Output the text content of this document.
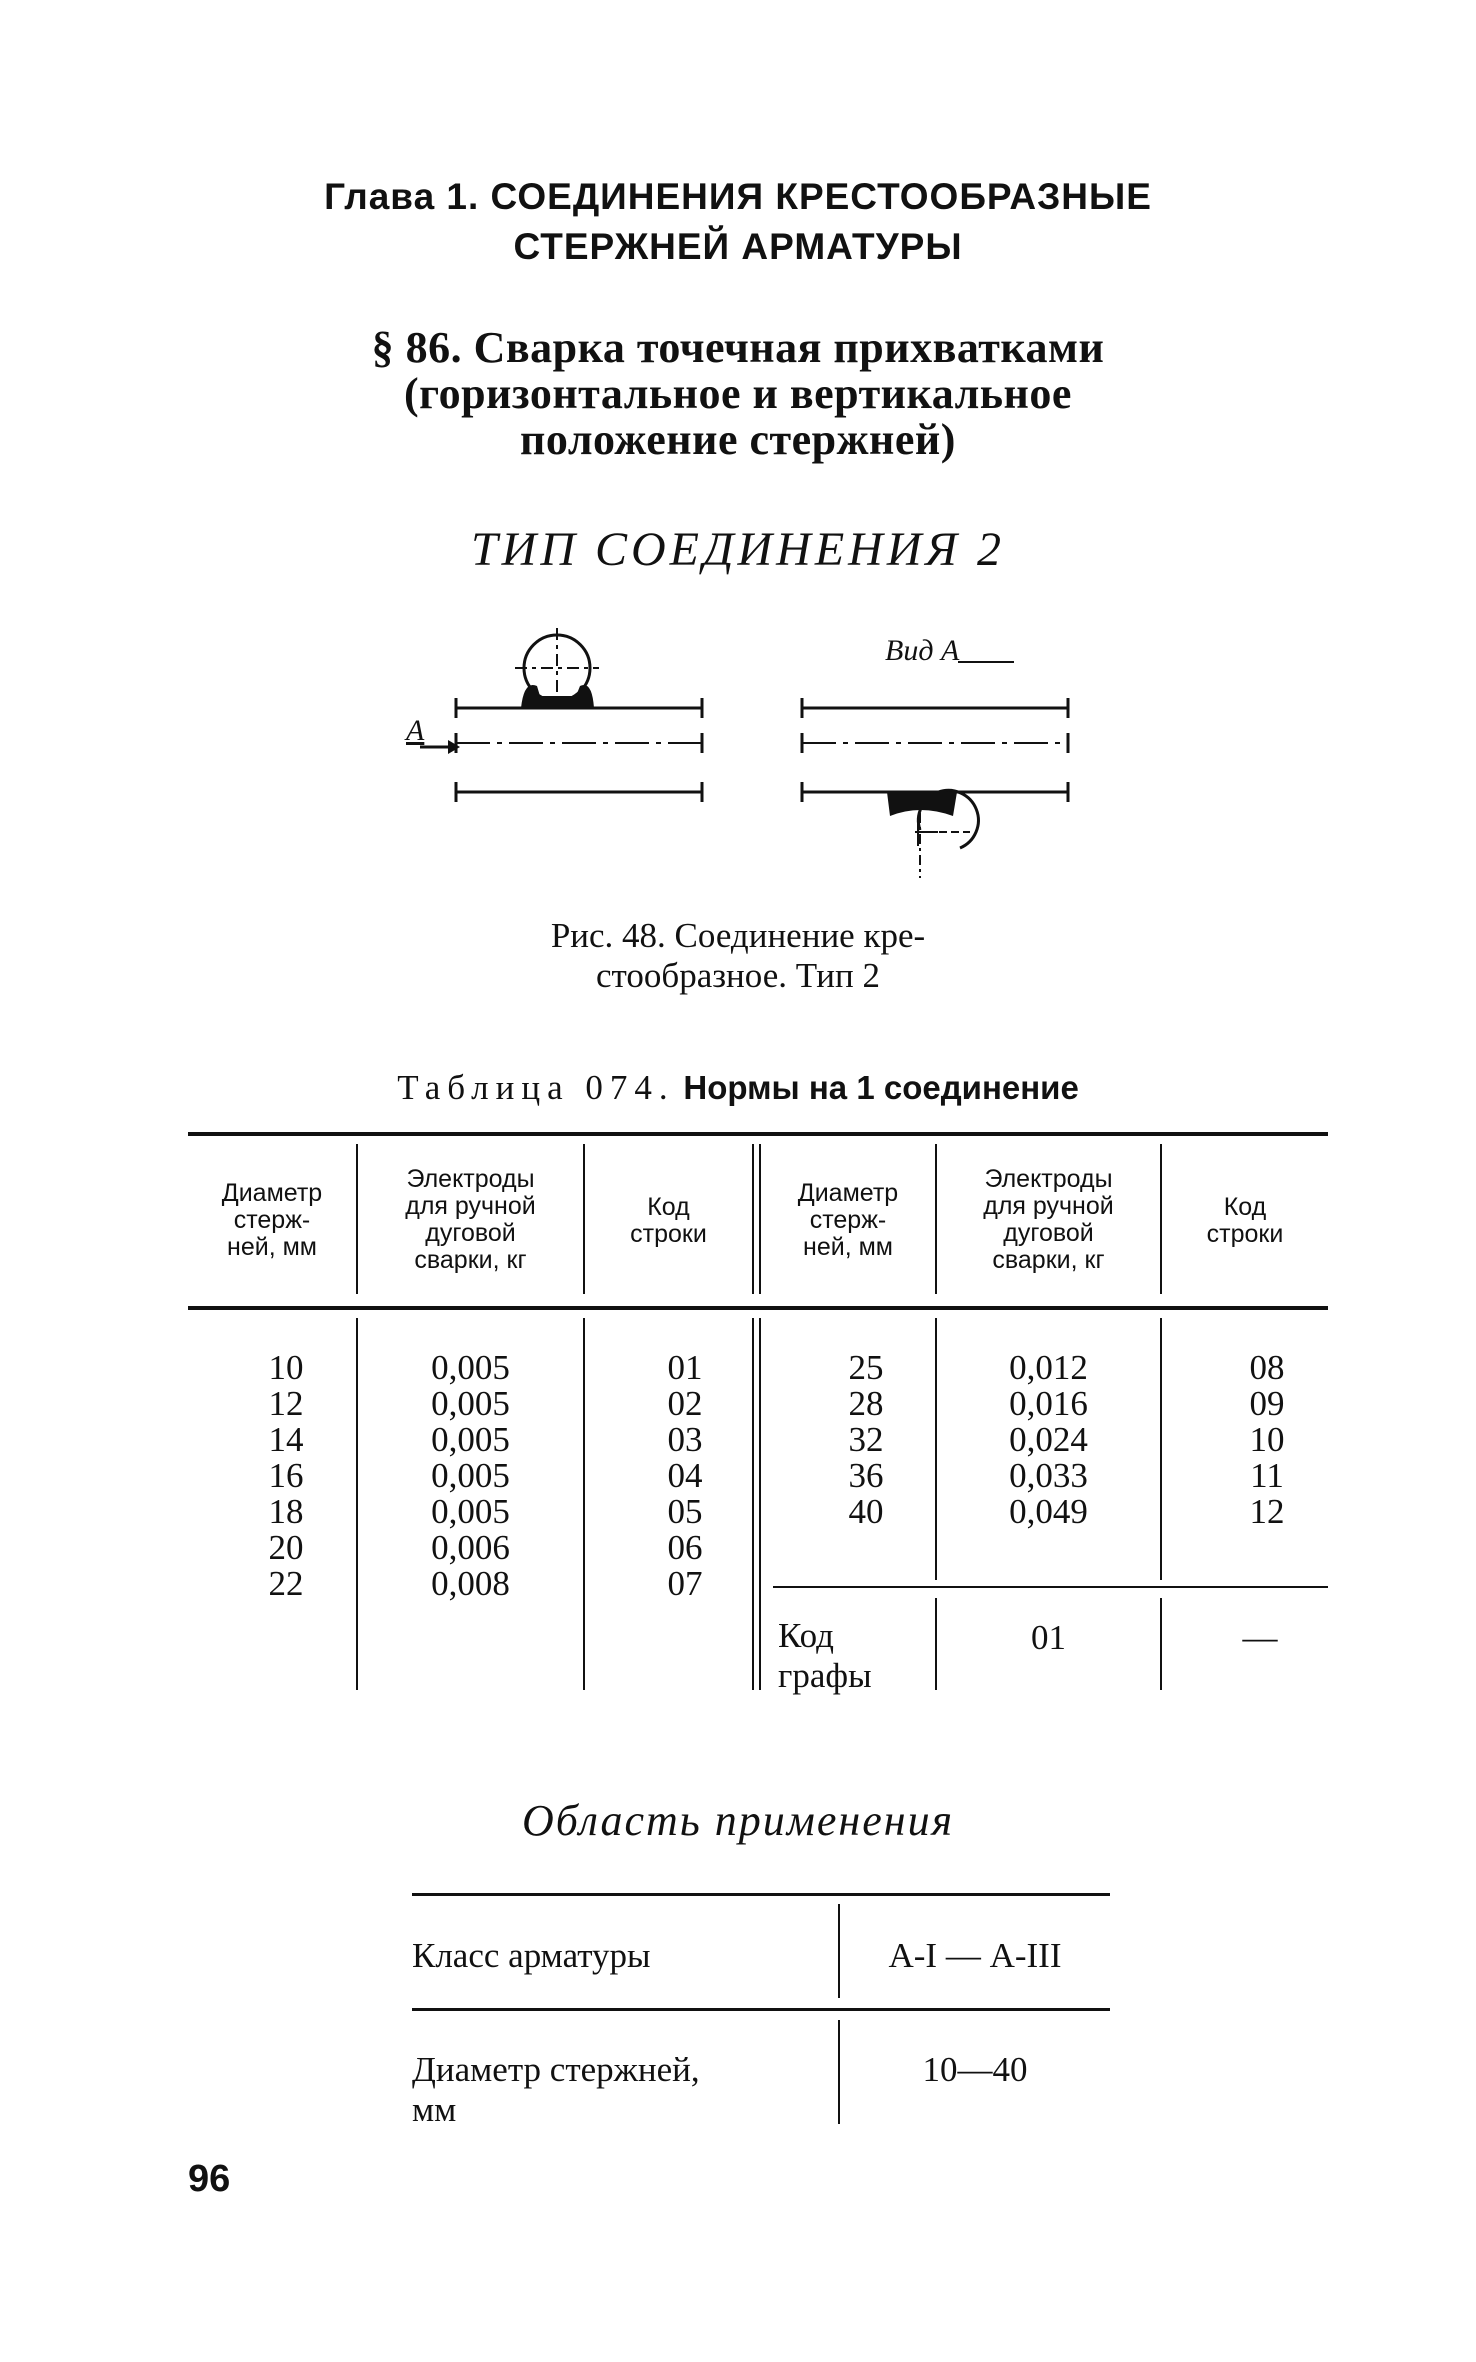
Глава 1. СОЕДИНЕНИЯ КРЕСТООБРАЗНЫЕ
СТЕРЖНЕЙ АРМАТУРЫ
§ 86. Сварка точечная прихватками
(горизонтальное и вертикальное
положение стержней)
ТИП СОЕДИНЕНИЯ 2
А
Вид А
Рис. 48. Соединение кре-
стообразное. Тип 2
Таблица 074. Нормы на 1 соединение
Диаметр
стерж-
ней, мм
Электроды
для ручной
дуговой
сварки, кг
Код
строки
Диаметр
стерж-
ней, мм
Электроды
для ручной
дуговой
сварки, кг
Код
строки
10
12
14
16
18
20
22
0,005
0,005
0,005
0,005
0,005
0,006
0,008
01
02
03
04
05
06
07
25
28
32
36
40
0,012
0,016
0,024
0,033
0,049
08
09
10
11
12
Код
графы
01	—
Область применения
Класс арматуры	А-I — А-III
Диаметр стержней,
мм
10—40
96
